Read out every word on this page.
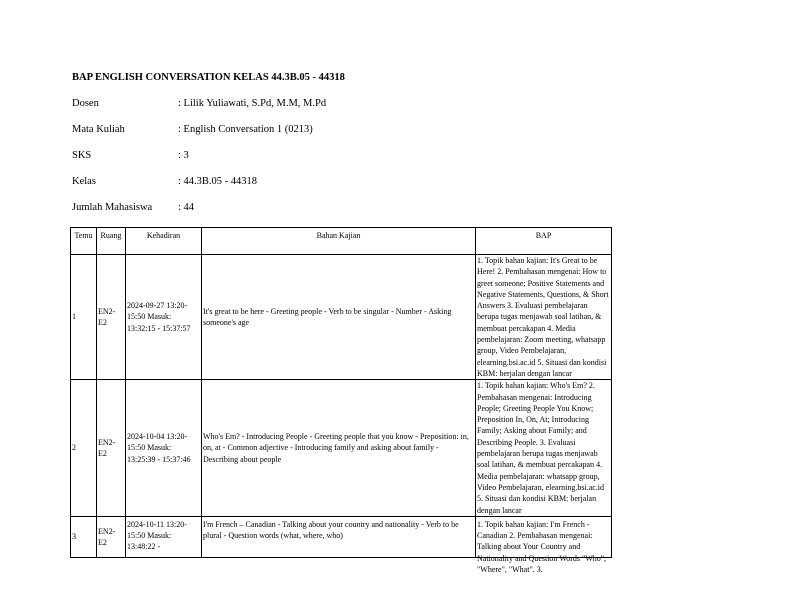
BAP ENGLISH CONVERSATION KELAS 44.3B.05 - 44318
Dosen	: Lilik Yuliawati, S.Pd, M.M, M.Pd
Mata Kuliah	: English Conversation 1 (0213)
SKS	: 3
Kelas	: 44.3B.05 - 44318
Jumlah Mahasiswa : 44
Temu	Ruang	Kehadiran	Bahan Kajian	BAP
1	EN2-E2	2024-09-27 13:20-15:50 Masuk: 13:32:15 - 15:37:57	It's great to be here - Greeting people - Verb to be singular - Number - Asking someone's age	1. Topik bahan kajian: It's Great to be Here! 2. Pembahasan mengenai: How to greet someone; Positive Statements and Negative Statements, Questions, & Short Answers 3. Evaluasi pembelajaran berupa tugas menjawab soal latihan, & membuat percakapan 4. Media pembelajaran: Zoom meeting, whatsapp group, Video Pembelajaran, elearning.bsi.ac.id 5. Situasi dan kondisi KBM: berjalan dengan lancar
2	EN2-E2	2024-10-04 13:20-15:50 Masuk: 13:25:39 - 15:37:46	Who's Em? - Introducing People - Greeting people that you know - Preposition: in, on, at - Common adjective - Introducing family and asking about family - Describing about people	1. Topik bahan kajian: Who's Em? 2. Pembahasan mengenai: Introducing People; Greeting People You Know; Preposition In, On, At; Introducing Family; Asking about Family; and Describing People. 3. Evaluasi pembelajaran berupa tugas menjawab soal latihan, & membuat percakapan 4. Media pembelajaran: whatsapp group, Video Pembelajaran, elearning.bsi.ac.id 5. Situasi dan kondisi KBM: berjalan dengan lancar
3	EN2-E2	2024-10-11 13:20-15:50 Masuk: 13:48:22 -	I'm French – Canadian - Talking about your country and nationality - Verb to be plural - Question words (what, where, who)	1. Topik bahan kajian: I'm French - Canadian 2. Pembahasan mengenai: Talking about Your Country and Nationality and Question Words "Who", "Where", "What". 3.
